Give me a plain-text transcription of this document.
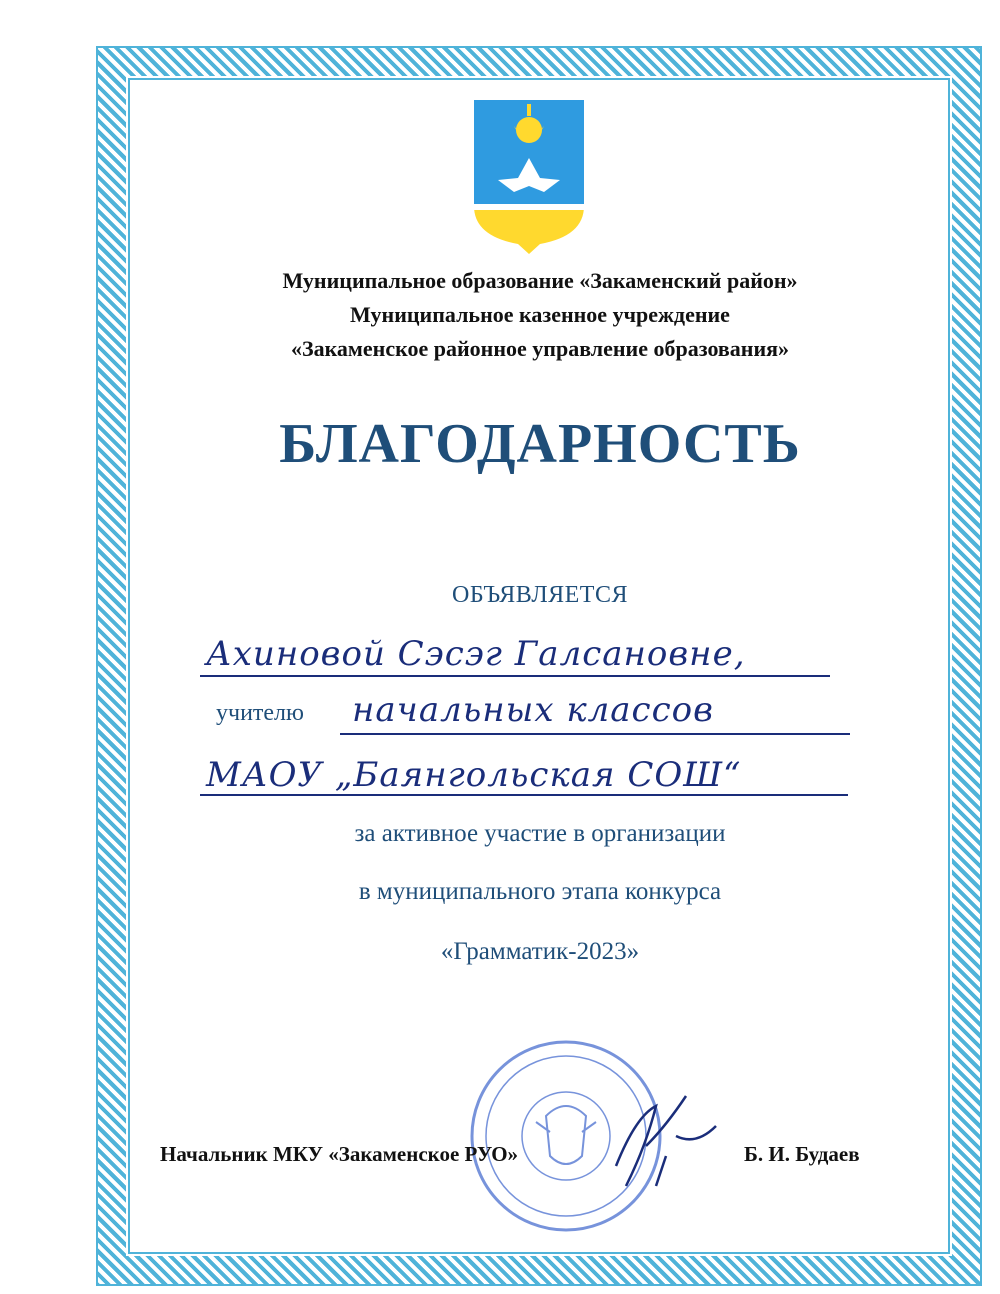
Муниципальное образование «Закаменский район»
Муниципальное казенное учреждение
«Закаменское районное управление образования»
БЛАГОДАРНОСТЬ
ОБЪЯВЛЯЕТСЯ
Ахиновой Сэсэг Галсановне,
учителю начальных классов
МАОУ „Баянгольская СОШ“
за активное участие в организации
в муниципального этапа конкурса
«Грамматик-2023»
Начальник МКУ «Закаменское РУО»	Б. И. Будаев
